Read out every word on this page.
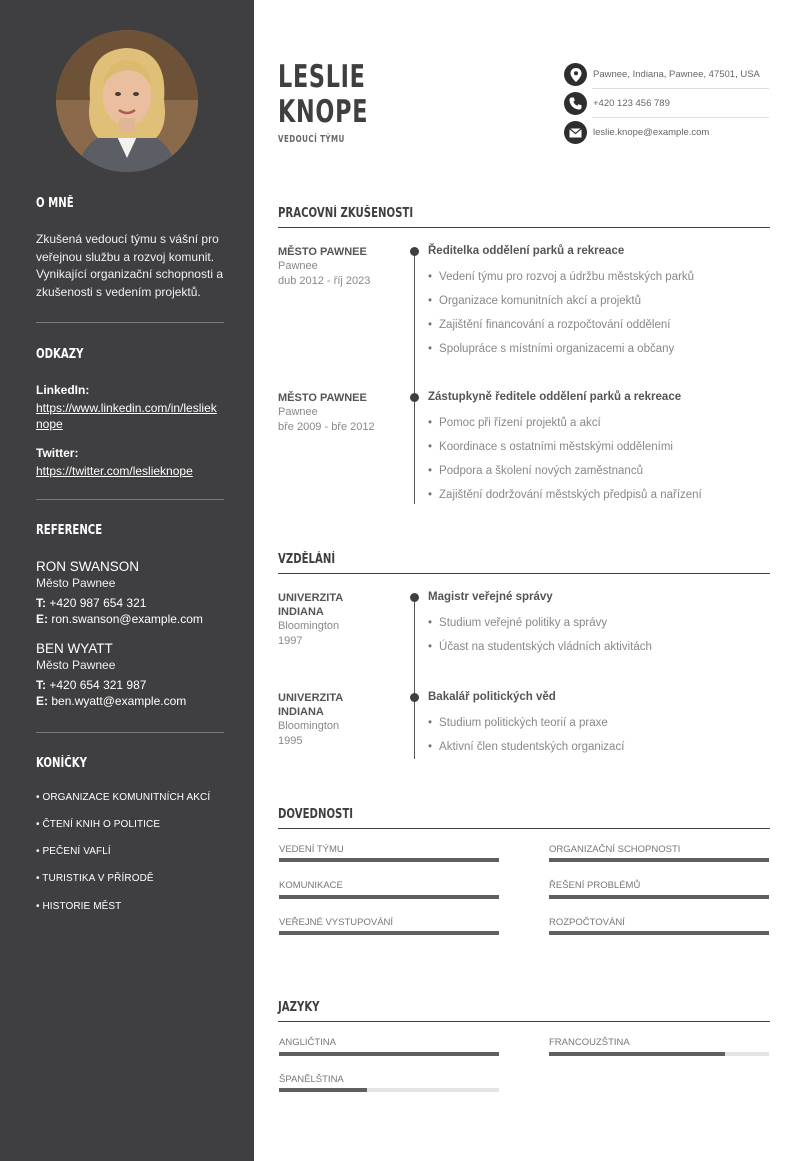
O MNĚ
Zkušená vedoucí týmu s vášní pro veřejnou službu a rozvoj komunit. Vynikající organizační schopnosti a zkušenosti s vedením projektů.
ODKAZY
LinkedIn:
https://www.linkedin.com/in/leslieknope
Twitter:
https://twitter.com/leslieknope
REFERENCE
RON SWANSON
Město Pawnee
T: +420 987 654 321
E: ron.swanson@example.com
BEN WYATT
Město Pawnee
T: +420 654 321 987
E: ben.wyatt@example.com
KONÍČKY
• ORGANIZACE KOMUNITNÍCH AKCÍ
• ČTENÍ KNIH O POLITICE
• PEČENÍ VAFLÍ
• TURISTIKA V PŘÍRODĚ
• HISTORIE MĚST
LESLIE
KNOPE
VEDOUCÍ TÝMU
Pawnee, Indiana, Pawnee, 47501, USA
+420 123 456 789
leslie.knope@example.com
PRACOVNÍ ZKUŠENOSTI
MĚSTO PAWNEE
Pawnee
dub 2012 - říj 2023
Ředitelka oddělení parků a rekreace
• Vedení týmu pro rozvoj a údržbu městských parků
• Organizace komunitních akcí a projektů
• Zajištění financování a rozpočtování oddělení
• Spolupráce s místními organizacemi a občany
MĚSTO PAWNEE
Pawnee
bře 2009 - bře 2012
Zástupkyně ředitele oddělení parků a rekreace
• Pomoc při řízení projektů a akcí
• Koordinace s ostatními městskými odděleními
• Podpora a školení nových zaměstnanců
• Zajištění dodržování městských předpisů a nařízení
VZDĚLÁNÍ
UNIVERZITA
INDIANA
Bloomington
1997
Magistr veřejné správy
• Studium veřejné politiky a správy
• Účast na studentských vládních aktivitách
UNIVERZITA
INDIANA
Bloomington
1995
Bakalář politických věd
• Studium politických teorií a praxe
• Aktivní člen studentských organizací
DOVEDNOSTI
VEDENÍ TÝMU	ORGANIZAČNÍ SCHOPNOSTI
KOMUNIKACE	ŘEŠENÍ PROBLÉMŮ
VEŘEJNÉ VYSTUPOVÁNÍ	ROZPOČTOVÁNÍ
JAZYKY
ANGLIČTINA	FRANCOUZŠTINA
ŠPANĚLŠTINA
